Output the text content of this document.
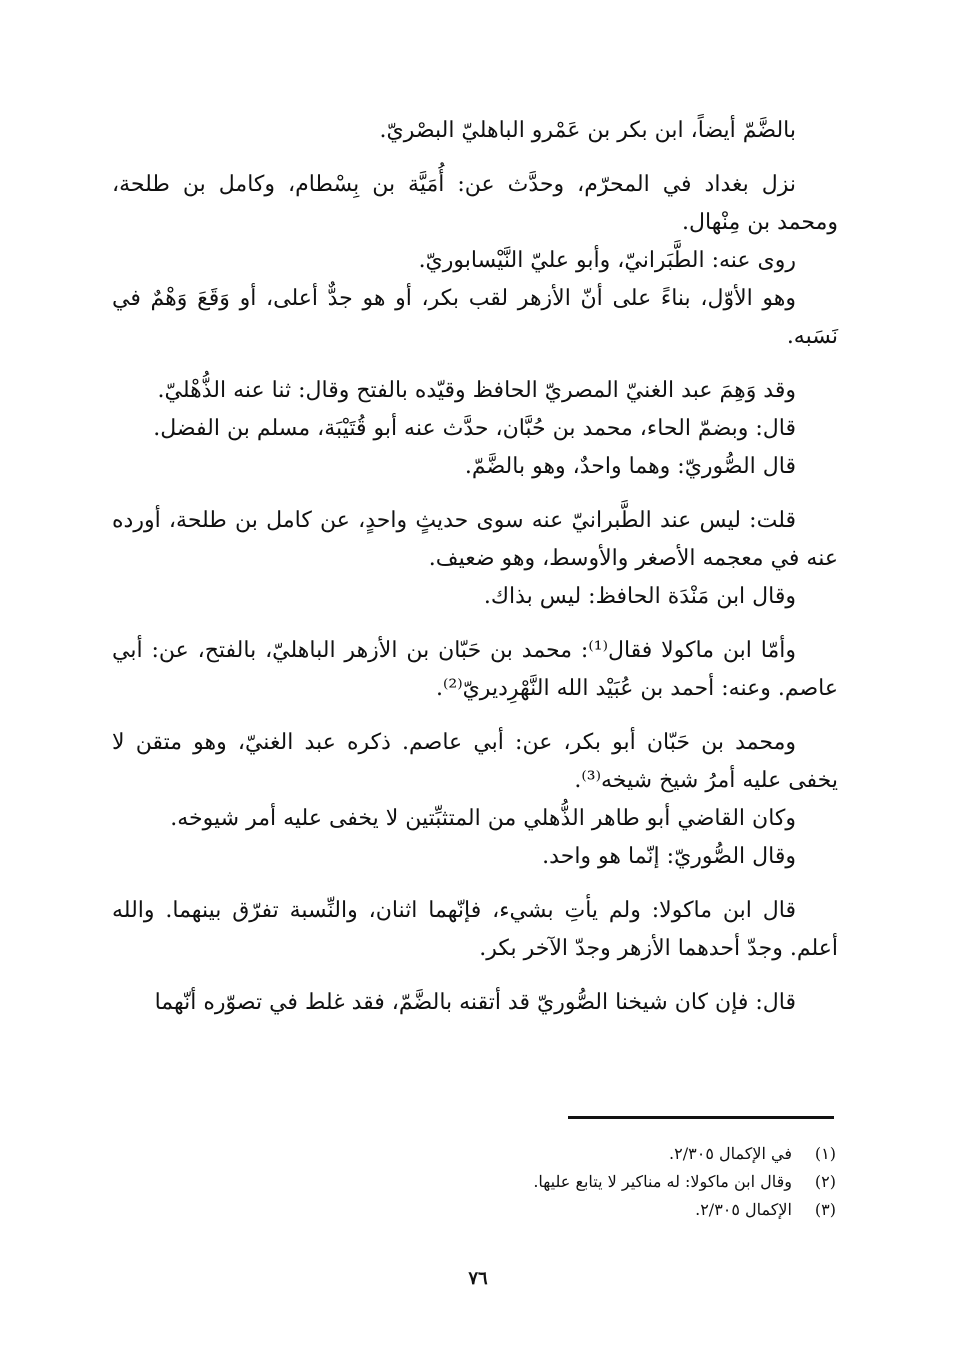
بالضَّمّ أيضاً، ابن بكر بن عَمْرو الباهليّ البصْريّ.

نزل بغداد في المحرّم، وحدَّث عن: أُمَيَّة بن بِسْطام، وكامل بن طلحة، ومحمد بن مِنْهال.

روى عنه: الطَّبَرانيّ، وأبو عليّ النَّيْسابوريّ.

وهو الأوّل، بناءً على أنّ الأزهر لقب بكر، أو هو جدٌّ أعلى، أو وَقَعَ وَهْمٌ في نَسَبه.

وقد وَهِمَ عبد الغنيّ المصريّ الحافظ وقيّده بالفتح وقال: ثنا عنه الذُّهْليّ.

قال: وبضمّ الحاء، محمد بن حُبَّان، حدَّث عنه أبو قُتَيْبَة، مسلم بن الفضل.

قال الصُّوريّ: وهما واحدٌ، وهو بالضَّمّ.

قلت: ليس عند الطَّبرانيّ عنه سوى حديثٍ واحدٍ، عن كامل بن طلحة، أورده عنه في معجمه الأصغر والأوسط، وهو ضعيف.

وقال ابن مَنْدَة الحافظ: ليس بذاك.

وأمّا ابن ماكولا فقال⁽¹⁾: محمد بن حَبّان بن الأزهر الباهليّ، بالفتح، عن: أبي عاصم. وعنه: أحمد بن عُبَيْد الله النَّهْرِديريّ⁽²⁾.

ومحمد بن حَبّان أبو بكر، عن: أبي عاصم. ذكره عبد الغنيّ، وهو متقن لا يخفى عليه أمرُ شيخ شيخه⁽³⁾.

وكان القاضي أبو طاهر الذُّهلي من المتثبِّتين لا يخفى عليه أمر شيوخه.

وقال الصُّوريّ: إنّما هو واحد.

قال ابن ماكولا: ولم يأتِ بشيء، فإنّهما اثنان، والنِّسبة تفرّق بينهما. والله أعلم. وجدّ أحدهما الأزهر وجدّ الآخر بكر.

قال: فإن كان شيخنا الصُّوريّ قد أتقنه بالضَّمّ، فقد غلط في تصوّره أنّهما

(١)
في الإكمال ٢/٣٠٥.
(٢)
وقال ابن ماكولا: له مناكير لا يتابع عليها.
(٣)
الإكمال ٢/٣٠٥.
٧٦
